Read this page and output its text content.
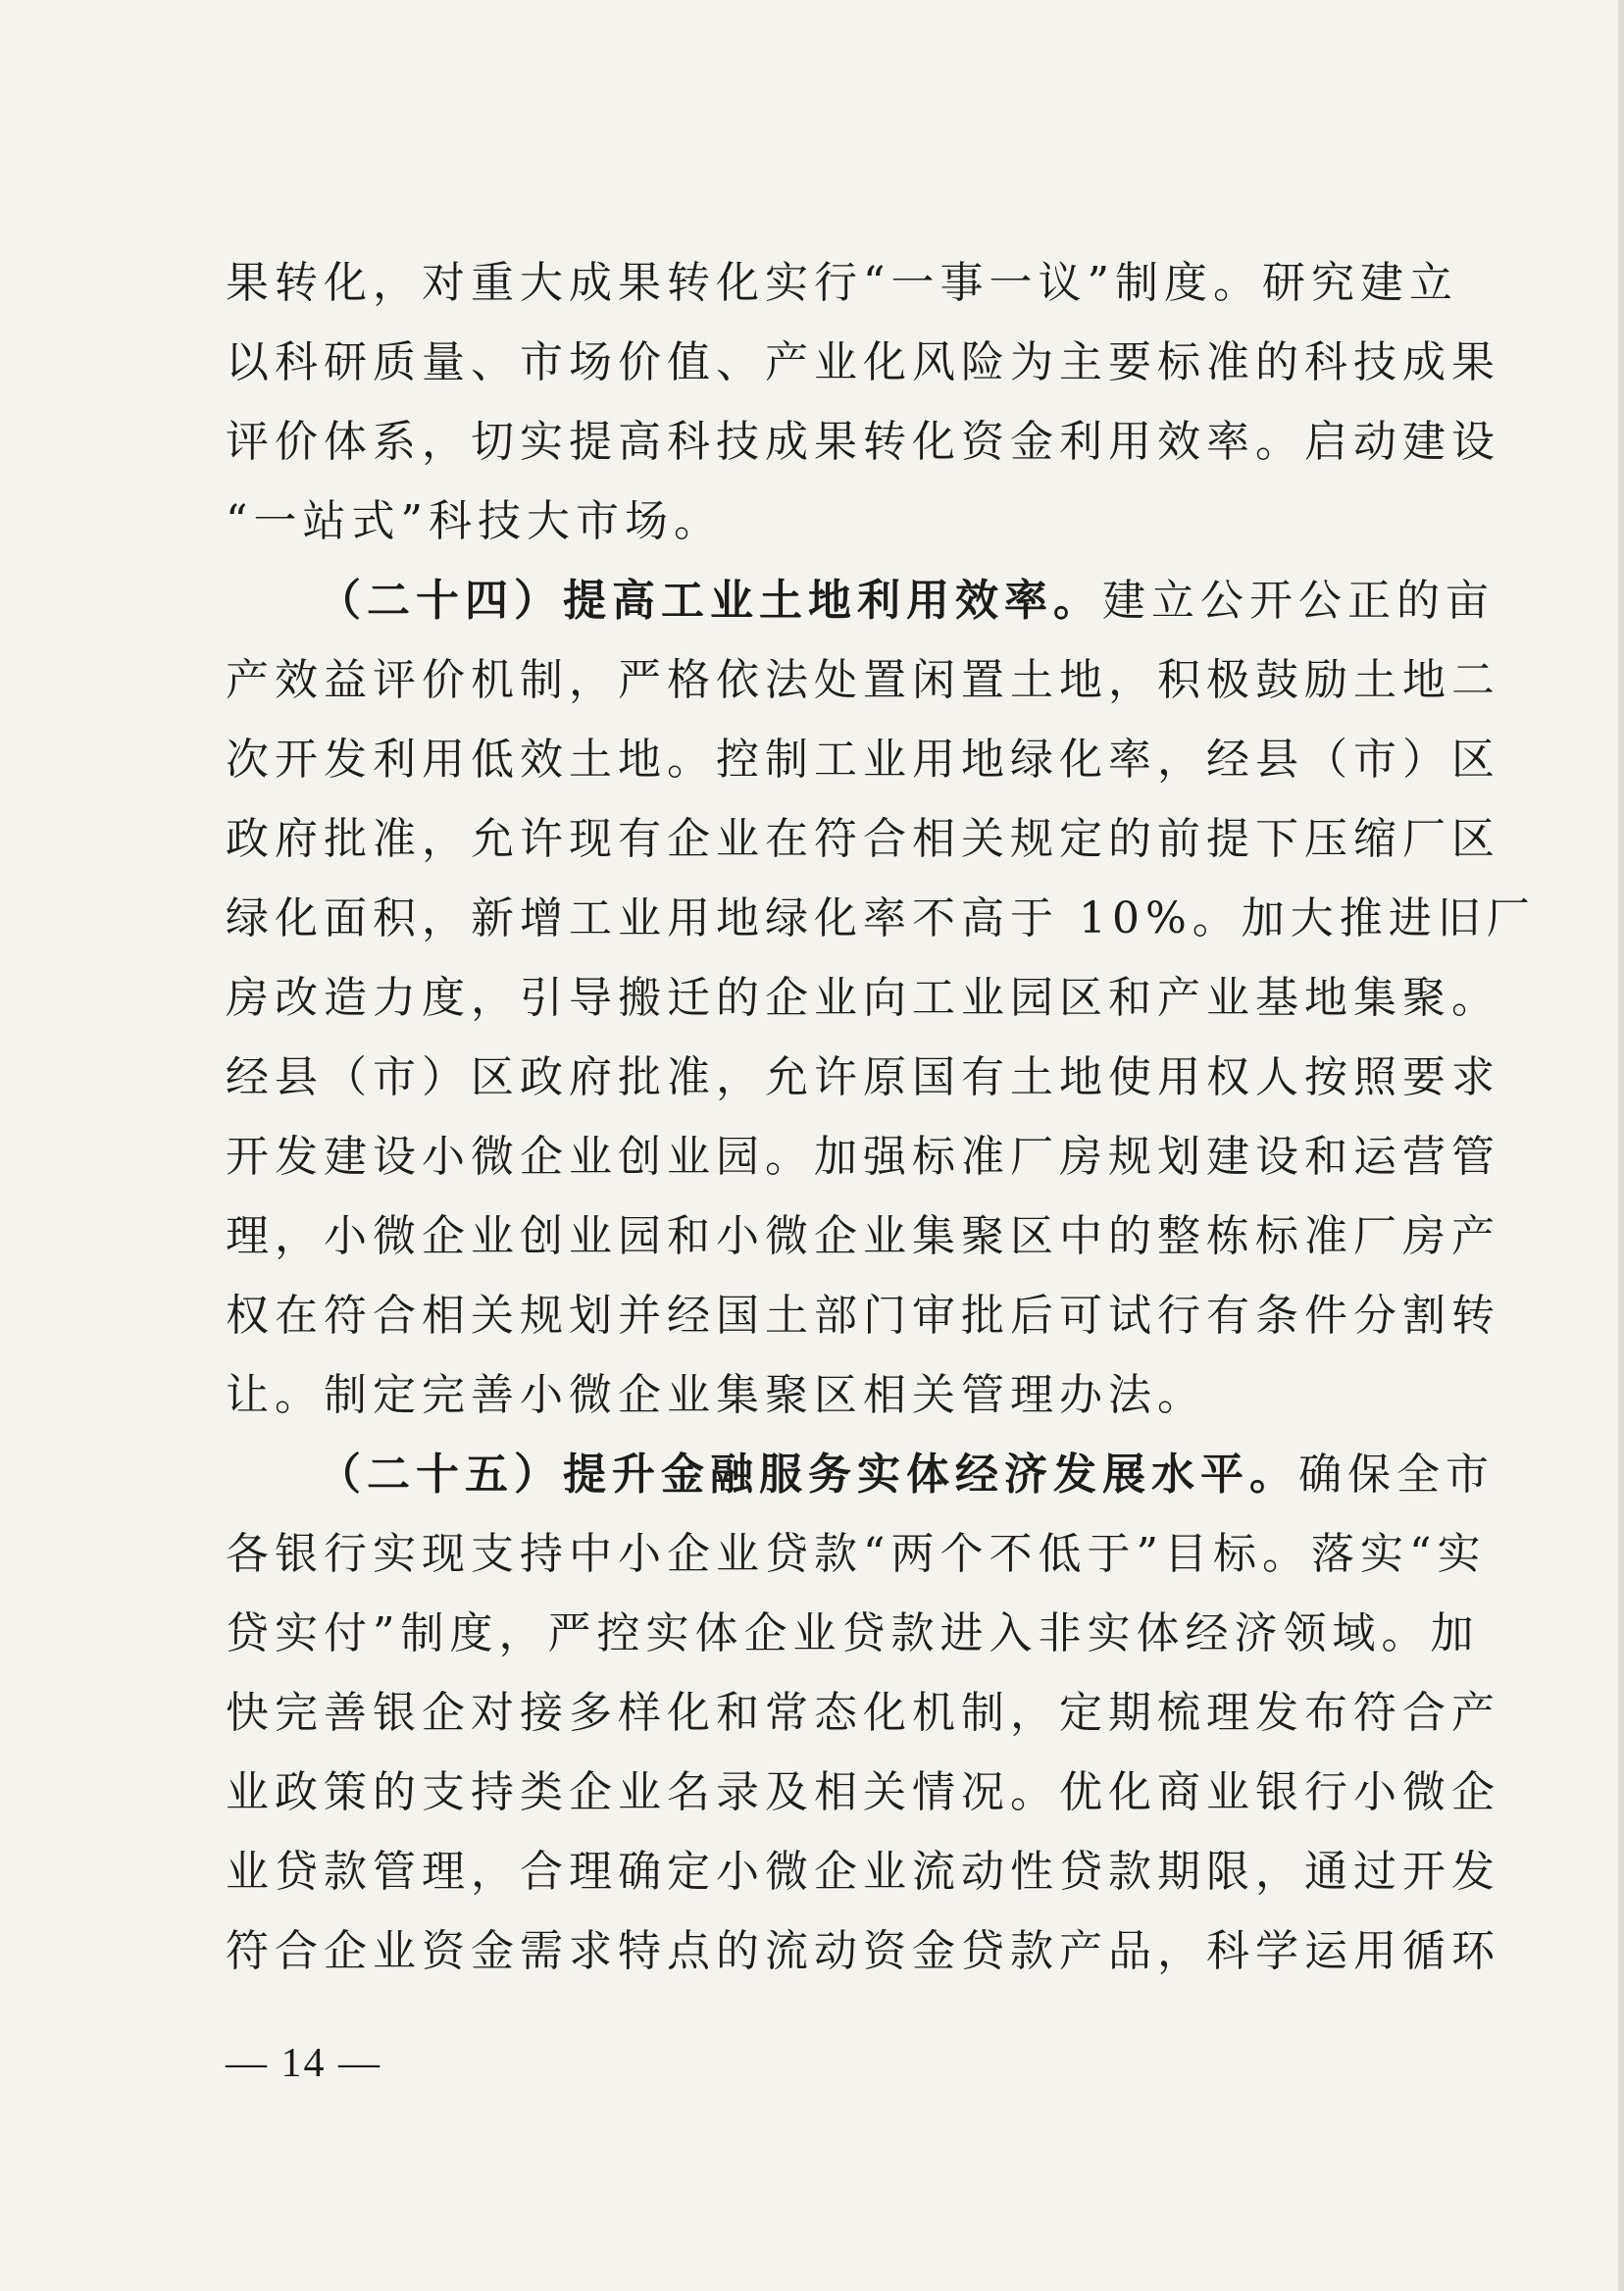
果转化，对重大成果转化实行“一事一议”制度。研究建立
以科研质量、市场价值、产业化风险为主要标准的科技成果
评价体系，切实提高科技成果转化资金利用效率。启动建设
“一站式”科技大市场。
（二十四）提高工业土地利用效率。建立公开公正的亩
产效益评价机制，严格依法处置闲置土地，积极鼓励土地二
次开发利用低效土地。控制工业用地绿化率，经县（市）区
政府批准，允许现有企业在符合相关规定的前提下压缩厂区
绿化面积，新增工业用地绿化率不高于 10%。加大推进旧厂
房改造力度，引导搬迁的企业向工业园区和产业基地集聚。
经县（市）区政府批准，允许原国有土地使用权人按照要求
开发建设小微企业创业园。加强标准厂房规划建设和运营管
理，小微企业创业园和小微企业集聚区中的整栋标准厂房产
权在符合相关规划并经国土部门审批后可试行有条件分割转
让。制定完善小微企业集聚区相关管理办法。
（二十五）提升金融服务实体经济发展水平。确保全市
各银行实现支持中小企业贷款“两个不低于”目标。落实“实
贷实付”制度，严控实体企业贷款进入非实体经济领域。加
快完善银企对接多样化和常态化机制，定期梳理发布符合产
业政策的支持类企业名录及相关情况。优化商业银行小微企
业贷款管理，合理确定小微企业流动性贷款期限，通过开发
符合企业资金需求特点的流动资金贷款产品，科学运用循环
— 14 —
